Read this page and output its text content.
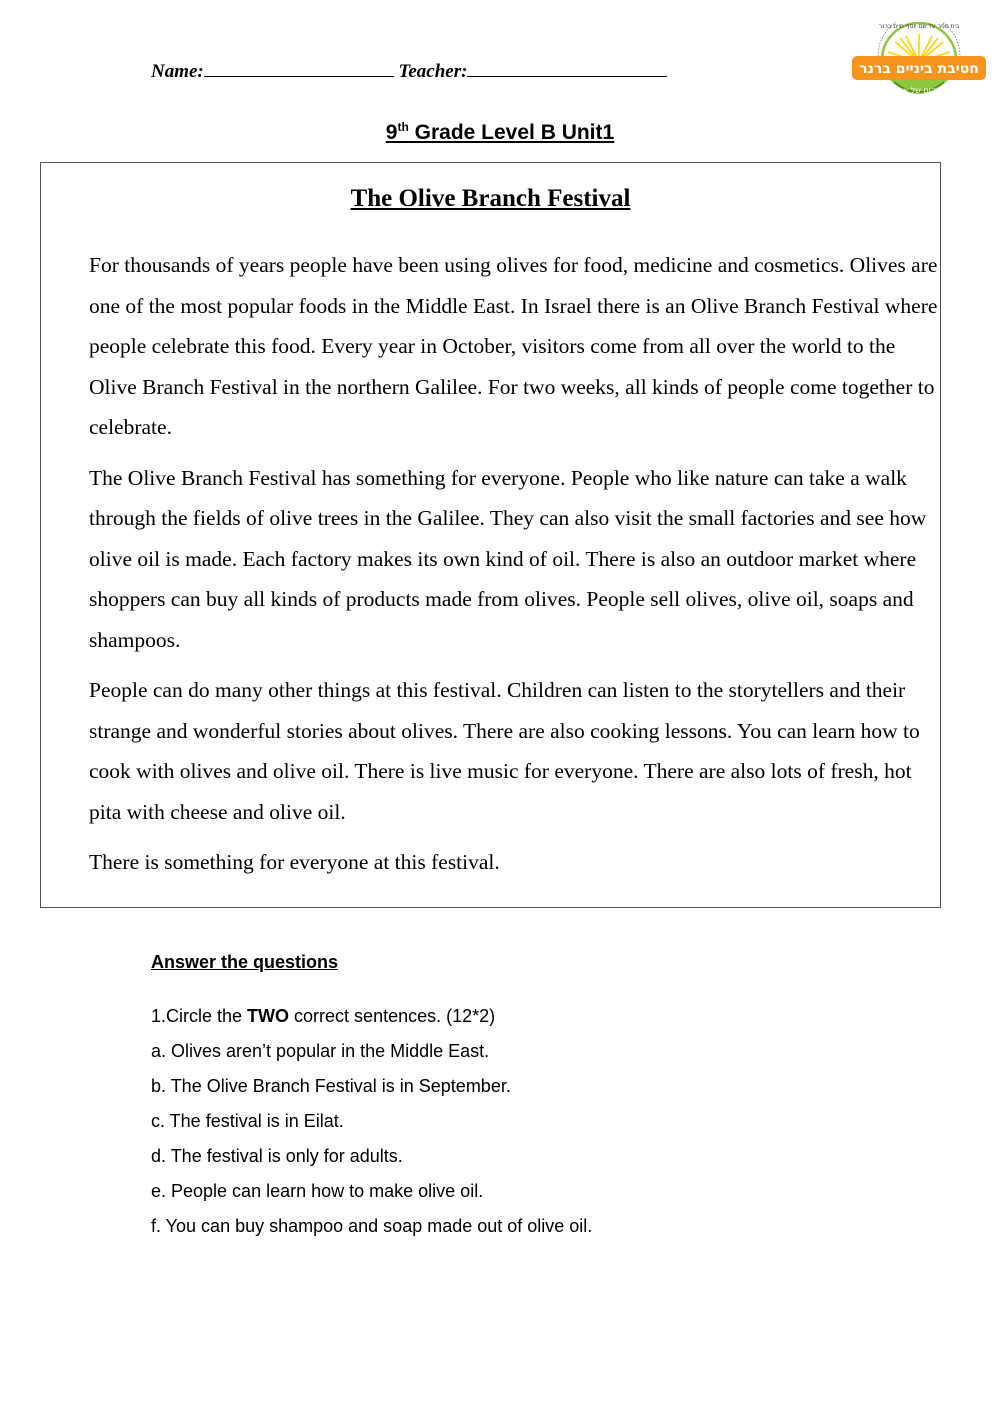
Name:	Teacher:
בית ספר על שם יוסף חיים ברנר
חטיבת ביניים ברנר
מקום של אור
9th Grade Level B Unit1
The Olive Branch Festival

For thousands of years people have been using olives for food, medicine and cosmetics. Olives are one of the most popular foods in the Middle East. In Israel there is an Olive Branch Festival where people celebrate this food. Every year in October, visitors come from all over the world to the Olive Branch Festival in the northern Galilee. For two weeks, all kinds of people come together to celebrate.

The Olive Branch Festival has something for everyone. People who like nature can take a walk through the fields of olive trees in the Galilee. They can also visit the small factories and see how olive oil is made. Each factory makes its own kind of oil. There is also an outdoor market where shoppers can buy all kinds of products made from olives. People sell olives, olive oil, soaps and shampoos.

People can do many other things at this festival. Children can listen to the storytellers and their strange and wonderful stories about olives. There are also cooking lessons. You can learn how to cook with olives and olive oil. There is live music for everyone. There are also lots of fresh, hot pita with cheese and olive oil.

There is something for everyone at this festival.

Answer the questions
1.Circle the TWO correct sentences. (12*2)
a. Olives aren’t popular in the Middle East.
b. The Olive Branch Festival is in September.
c. The festival is in Eilat.
d. The festival is only for adults.
e. People can learn how to make olive oil.
f. You can buy shampoo and soap made out of olive oil.
